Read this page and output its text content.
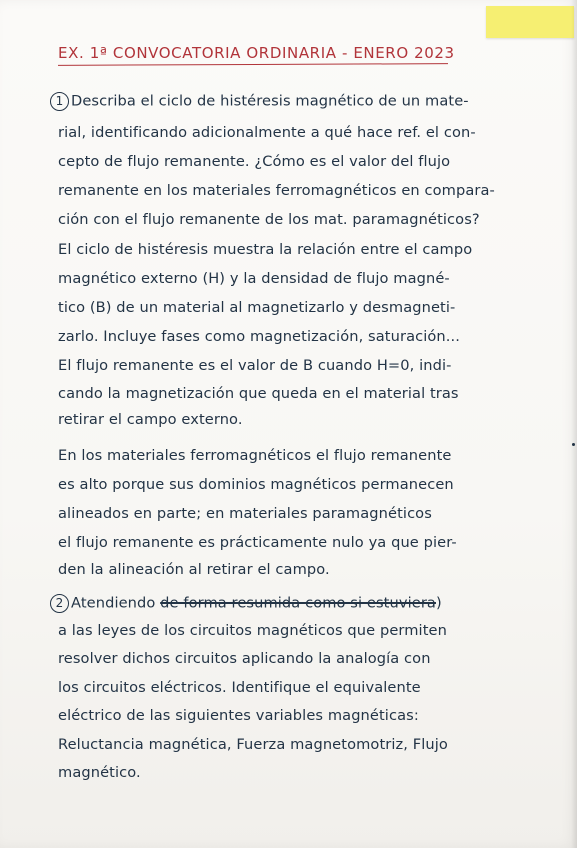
EX. 1ª CONVOCATORIA ORDINARIA - ENERO 2023
1 Describa el ciclo de histéresis magnético de un mate-
rial, identificando adicionalmente a qué hace ref. el con-
cepto de flujo remanente. ¿Cómo es el valor del flujo
remanente en los materiales ferromagnéticos en compara-
ción con el flujo remanente de los mat. paramagnéticos?
El ciclo de histéresis muestra la relación entre el campo
magnético externo (H) y la densidad de flujo magné-
tico (B) de un material al magnetizarlo y desmagneti-
zarlo. Incluye fases como magnetización, saturación...
El flujo remanente es el valor de B cuando H=0, indi-
cando la magnetización que queda en el material tras
retirar el campo externo.
En los materiales ferromagnéticos el flujo remanente
es alto porque sus dominios magnéticos permanecen
alineados en parte; en materiales paramagnéticos
el flujo remanente es prácticamente nulo ya que pier-
den la alineación al retirar el campo.
2 Atendiendo de forma resumida como si estuviera)
a las leyes de los circuitos magnéticos que permiten
resolver dichos circuitos aplicando la analogía con
los circuitos eléctricos. Identifique el equivalente
eléctrico de las siguientes variables magnéticas:
Reluctancia magnética, Fuerza magnetomotriz, Flujo
magnético.
